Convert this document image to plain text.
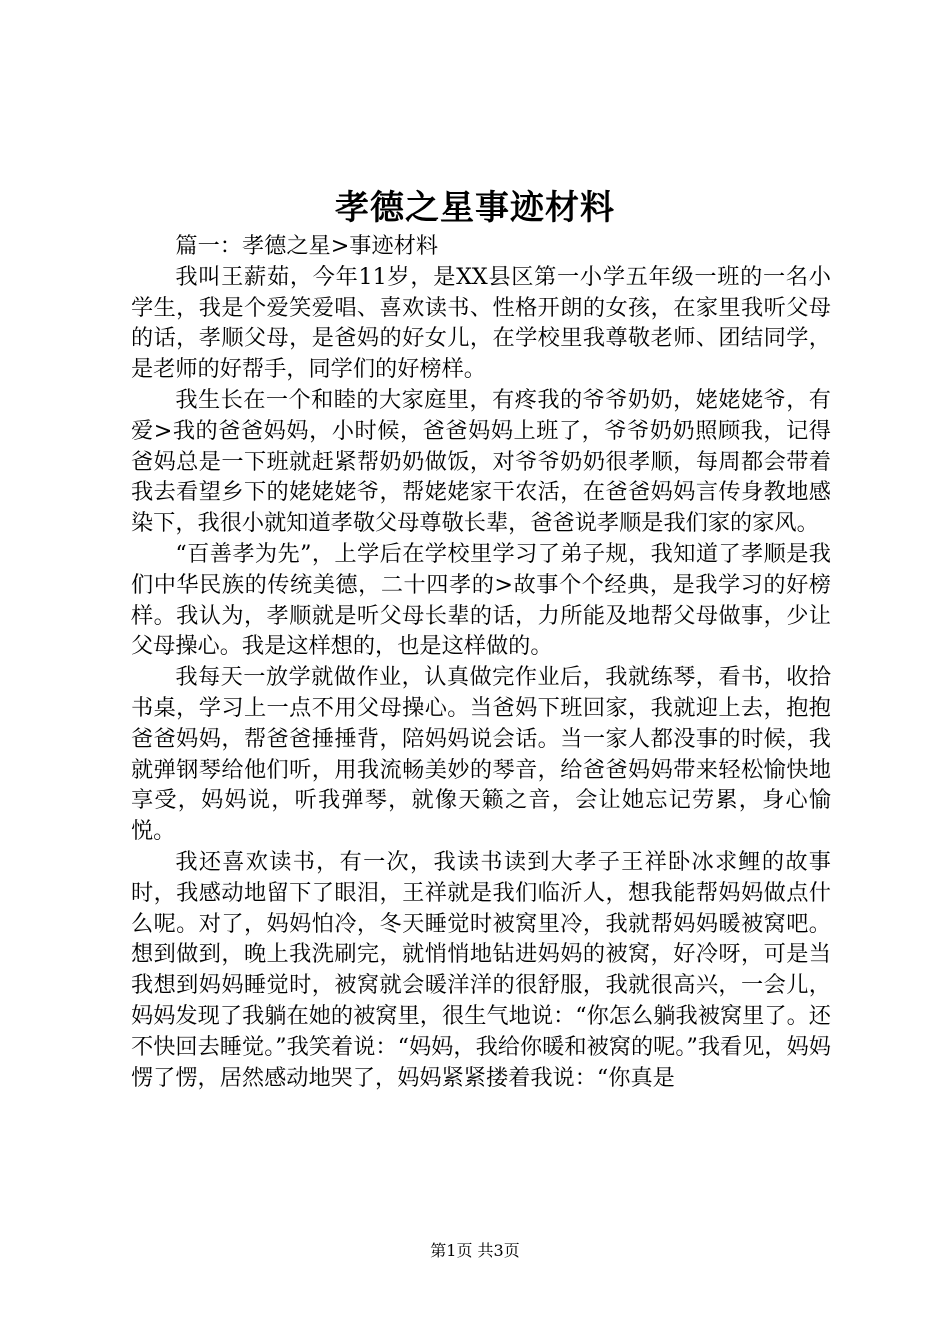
孝德之星事迹材料

篇一：孝德之星>事迹材料

我叫王薪茹，今年11岁，是XX县区第一小学五年级一班的一名小学生，我是个爱笑爱唱、喜欢读书、性格开朗的女孩，在家里我听父母的话，孝顺父母，是爸妈的好女儿，在学校里我尊敬老师、团结同学，是老师的好帮手，同学们的好榜样。

我生长在一个和睦的大家庭里，有疼我的爷爷奶奶，姥姥姥爷，有爱>我的爸爸妈妈，小时候，爸爸妈妈上班了，爷爷奶奶照顾我，记得爸妈总是一下班就赶紧帮奶奶做饭，对爷爷奶奶很孝顺，每周都会带着我去看望乡下的姥姥姥爷，帮姥姥家干农活，在爸爸妈妈言传身教地感染下，我很小就知道孝敬父母尊敬长辈，爸爸说孝顺是我们家的家风。

“百善孝为先”，上学后在学校里学习了弟子规，我知道了孝顺是我们中华民族的传统美德，二十四孝的>故事个个经典，是我学习的好榜样。我认为，孝顺就是听父母长辈的话，力所能及地帮父母做事，少让父母操心。我是这样想的，也是这样做的。

我每天一放学就做作业，认真做完作业后，我就练琴，看书，收拾书桌，学习上一点不用父母操心。当爸妈下班回家，我就迎上去，抱抱爸爸妈妈，帮爸爸捶捶背，陪妈妈说会话。当一家人都没事的时候，我就弹钢琴给他们听，用我流畅美妙的琴音，给爸爸妈妈带来轻松愉快地享受，妈妈说，听我弹琴，就像天籁之音，会让她忘记劳累，身心愉悦。

我还喜欢读书，有一次，我读书读到大孝子王祥卧冰求鲤的故事时，我感动地留下了眼泪，王祥就是我们临沂人，想我能帮妈妈做点什么呢。对了，妈妈怕冷，冬天睡觉时被窝里冷，我就帮妈妈暖被窝吧。想到做到，晚上我洗刷完，就悄悄地钻进妈妈的被窝，好冷呀，可是当我想到妈妈睡觉时，被窝就会暖洋洋的很舒服，我就很高兴，一会儿，妈妈发现了我躺在她的被窝里，很生气地说：“你怎么躺我被窝里了。还不快回去睡觉。”我笑着说：“妈妈，我给你暖和被窝的呢。”我看见，妈妈愣了愣，居然感动地哭了，妈妈紧紧搂着我说：“你真是

第1页 共3页
